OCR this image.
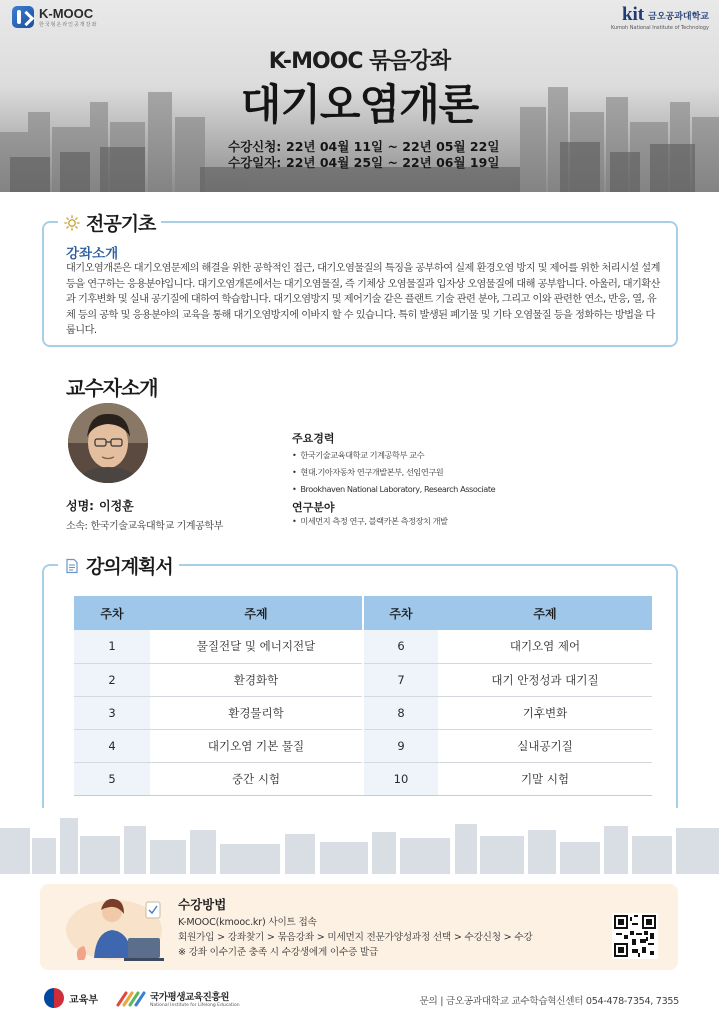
K-MOOC
한국형온라인공개강좌	kit 금오공과대학교
Kumoh National Institute of Technology
K-MOOC 묶음강좌
대기오염개론
수강신청: 22년 04월 11일 ~ 22년 05월 22일
수강일자: 22년 04월 25일 ~ 22년 06월 19일
전공기초
강좌소개
대기오염개론은 대기오염문제의 해결을 위한 공학적인 접근, 대기오염물질의 특징을 공부하여 실제 환경오염 방지 및 제어를 위한 처리시설 설계 등을 연구하는 응용분야입니다. 대기오염개론에서는 대기오염물질, 즉 기체상 오염물질과 입자상 오염물질에 대해 공부합니다. 아울러, 대기확산과 기후변화 및 실내 공기질에 대하여 학습합니다. 대기오염방지 및 제어기술 같은 플랜트 기술 관련 분야, 그리고 이와 관련한 연소, 반응, 열, 유체 등의 공학 및 응용분야의 교육을 통해 대기오염방지에 이바지 할 수 있습니다. 특히 발생된 폐기물 및 기타 오염물질 등을 정화하는 방법을 다룹니다.
교수자소개
성명: 이정훈
소속: 한국기술교육대학교 기계공학부
주요경력
• 한국기술교육대학교 기계공학부 교수
• 현대.기아자동차 연구개발본부, 선임연구원
• Brookhaven National Laboratory, Research Associate
연구분야
• 미세먼지 측정 연구, 블랙카본 측정장치 개발
강의계획서
주차	주제		주차	주제
1	물질전달 및 에너지전달		6	대기오염 제어
2	환경화학		7	대기 안정성과 대기질
3	환경물리학		8	기후변화
4	대기오염 기본 물질		9	실내공기질
5	중간 시험		10	기말 시험
수강방법
K-MOOC(kmooc.kr) 사이트 접속
회원가입 > 강좌찾기 > 묶음강좌 > 미세먼지 전문가양성과정 선택 > 수강신청 > 수강
※ 강좌 이수기준 충족 시 수강생에게 이수증 발급
교육부	국가평생교육진흥원
National Institute for Lifelong Education	문의 | 금오공과대학교 교수학습혁신센터 054-478-7354, 7355
